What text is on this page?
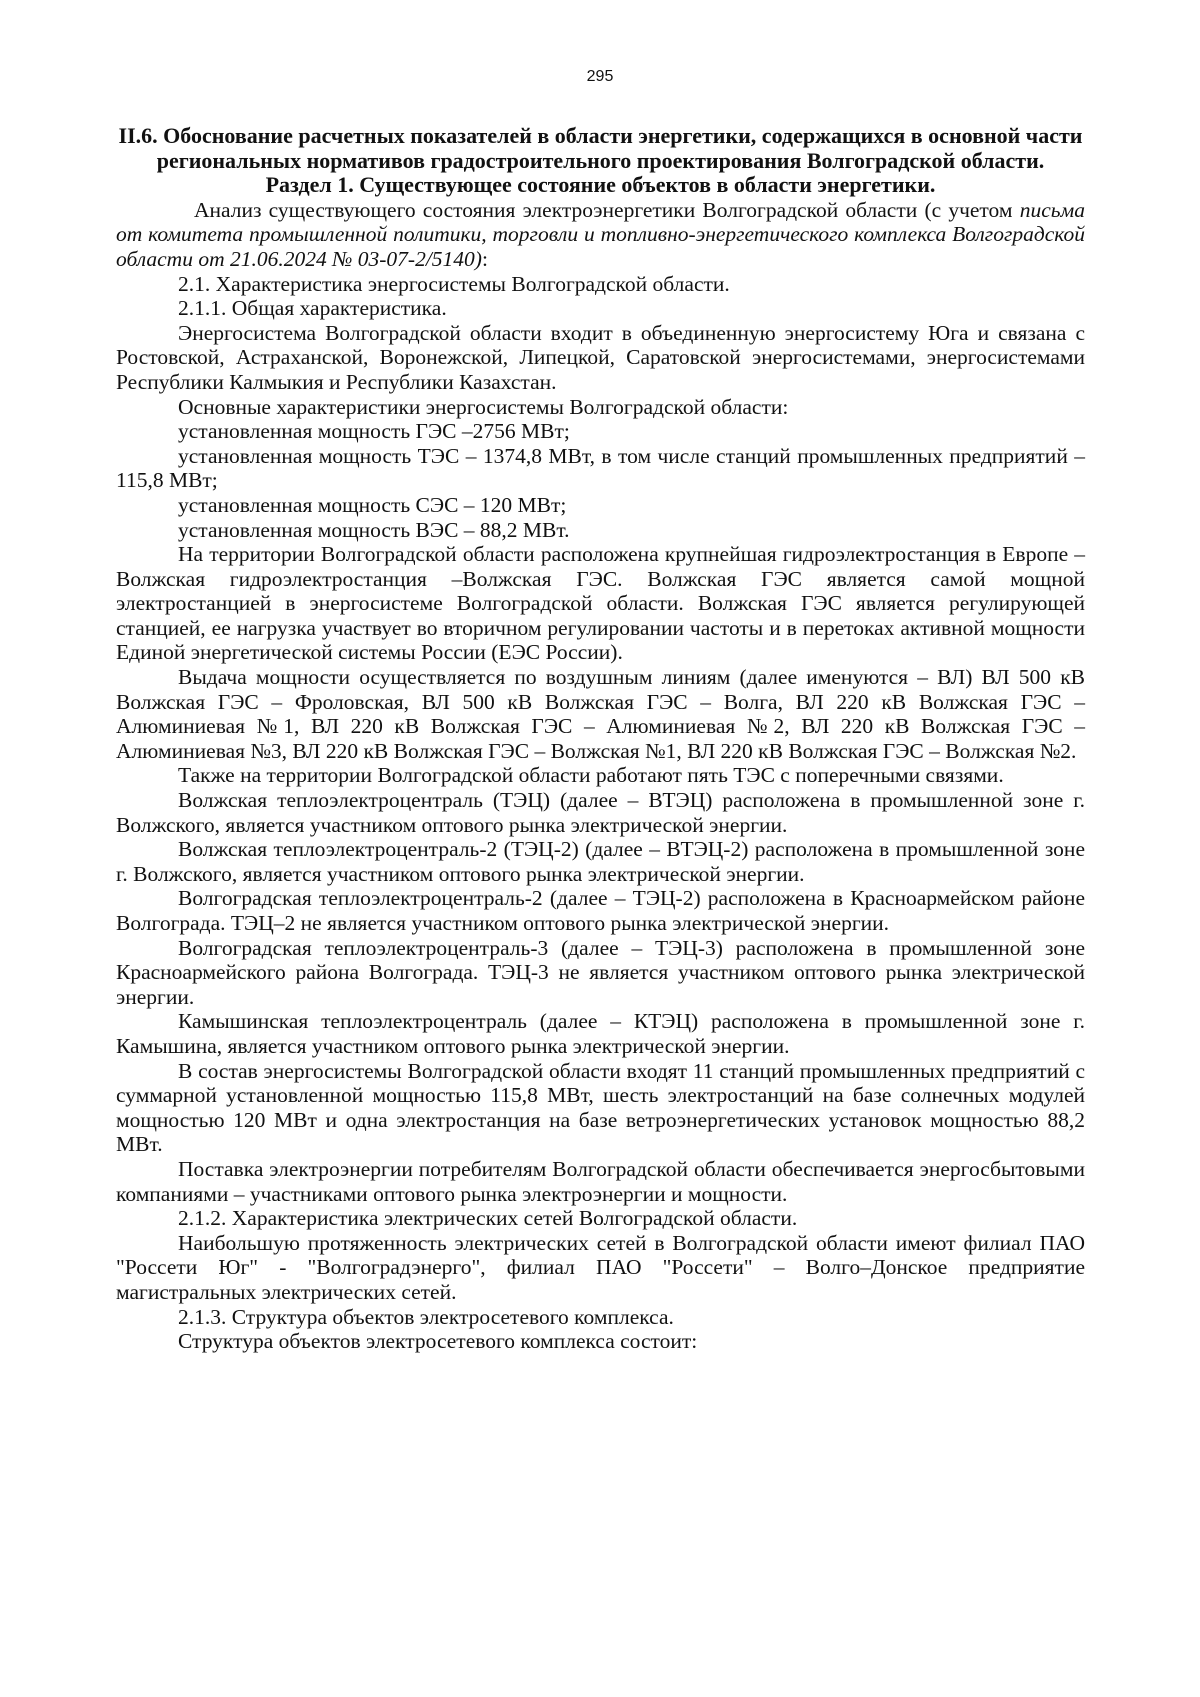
295

II.6. Обоснование расчетных показателей в области энергетики, содержащихся в основной части региональных нормативов градостроительного проектирования Волгоградской области.

Раздел 1. Существующее состояние объектов в области энергетики.

Анализ существующего состояния электроэнергетики Волгоградской области (с учетом письма от комитета промышленной политики, торговли и топливно-энергетического комплекса Волгоградской области от 21.06.2024 № 03-07-2/5140):

2.1. Характеристика энергосистемы Волгоградской области.

2.1.1. Общая характеристика.

Энергосистема Волгоградской области входит в объединенную энергосистему Юга и связана с Ростовской, Астраханской, Воронежской, Липецкой, Саратовской энергосистемами, энергосистемами Республики Калмыкия и Республики Казахстан.

Основные характеристики энергосистемы Волгоградской области:

установленная мощность ГЭС –2756 МВт;

установленная мощность ТЭС – 1374,8 МВт, в том числе станций промышленных предприятий – 115,8 МВт;

установленная мощность СЭС – 120 МВт;

установленная мощность ВЭС – 88,2 МВт.

На территории Волгоградской области расположена крупнейшая гидроэлектростанция в Европе – Волжская гидроэлектростанция –Волжская ГЭС. Волжская ГЭС является самой мощной электростанцией в энергосистеме Волгоградской области. Волжская ГЭС является регулирующей станцией, ее нагрузка участвует во вторичном регулировании частоты и в перетоках активной мощности Единой энергетической системы России (ЕЭС России).

Выдача мощности осуществляется по воздушным линиям (далее именуются – ВЛ) ВЛ 500 кВ Волжская ГЭС – Фроловская, ВЛ 500 кВ Волжская ГЭС – Волга, ВЛ 220 кВ Волжская ГЭС – Алюминиевая №1, ВЛ 220 кВ Волжская ГЭС – Алюминиевая №2, ВЛ 220 кВ Волжская ГЭС – Алюминиевая №3, ВЛ 220 кВ Волжская ГЭС – Волжская №1, ВЛ 220 кВ Волжская ГЭС – Волжская №2.

Также на территории Волгоградской области работают пять ТЭС с поперечными связями.

Волжская теплоэлектроцентраль (ТЭЦ) (далее – ВТЭЦ) расположена в промышленной зоне г. Волжского, является участником оптового рынка электрической энергии.

Волжская теплоэлектроцентраль-2 (ТЭЦ-2) (далее – ВТЭЦ-2) расположена в промышленной зоне г. Волжского, является участником оптового рынка электрической энергии.

Волгоградская теплоэлектроцентраль-2 (далее – ТЭЦ-2) расположена в Красноармейском районе Волгограда. ТЭЦ–2 не является участником оптового рынка электрической энергии.

Волгоградская теплоэлектроцентраль-3 (далее – ТЭЦ-3) расположена в промышленной зоне Красноармейского района Волгограда. ТЭЦ-3 не является участником оптового рынка электрической энергии.

Камышинская теплоэлектроцентраль (далее – КТЭЦ) расположена в промышленной зоне г. Камышина, является участником оптового рынка электрической энергии.

В состав энергосистемы Волгоградской области входят 11 станций промышленных предприятий с суммарной установленной мощностью 115,8 МВт, шесть электростанций на базе солнечных модулей мощностью 120 МВт и одна электростанция на базе ветроэнергетических установок мощностью 88,2 МВт.

Поставка электроэнергии потребителям Волгоградской области обеспечивается энергосбытовыми компаниями – участниками оптового рынка электроэнергии и мощности.

2.1.2. Характеристика электрических сетей Волгоградской области.

Наибольшую протяженность электрических сетей в Волгоградской области имеют филиал ПАО "Россети Юг" - "Волгоградэнерго", филиал ПАО "Россети" – Волго–Донское предприятие магистральных электрических сетей.

2.1.3. Структура объектов электросетевого комплекса.

Структура объектов электросетевого комплекса состоит:
